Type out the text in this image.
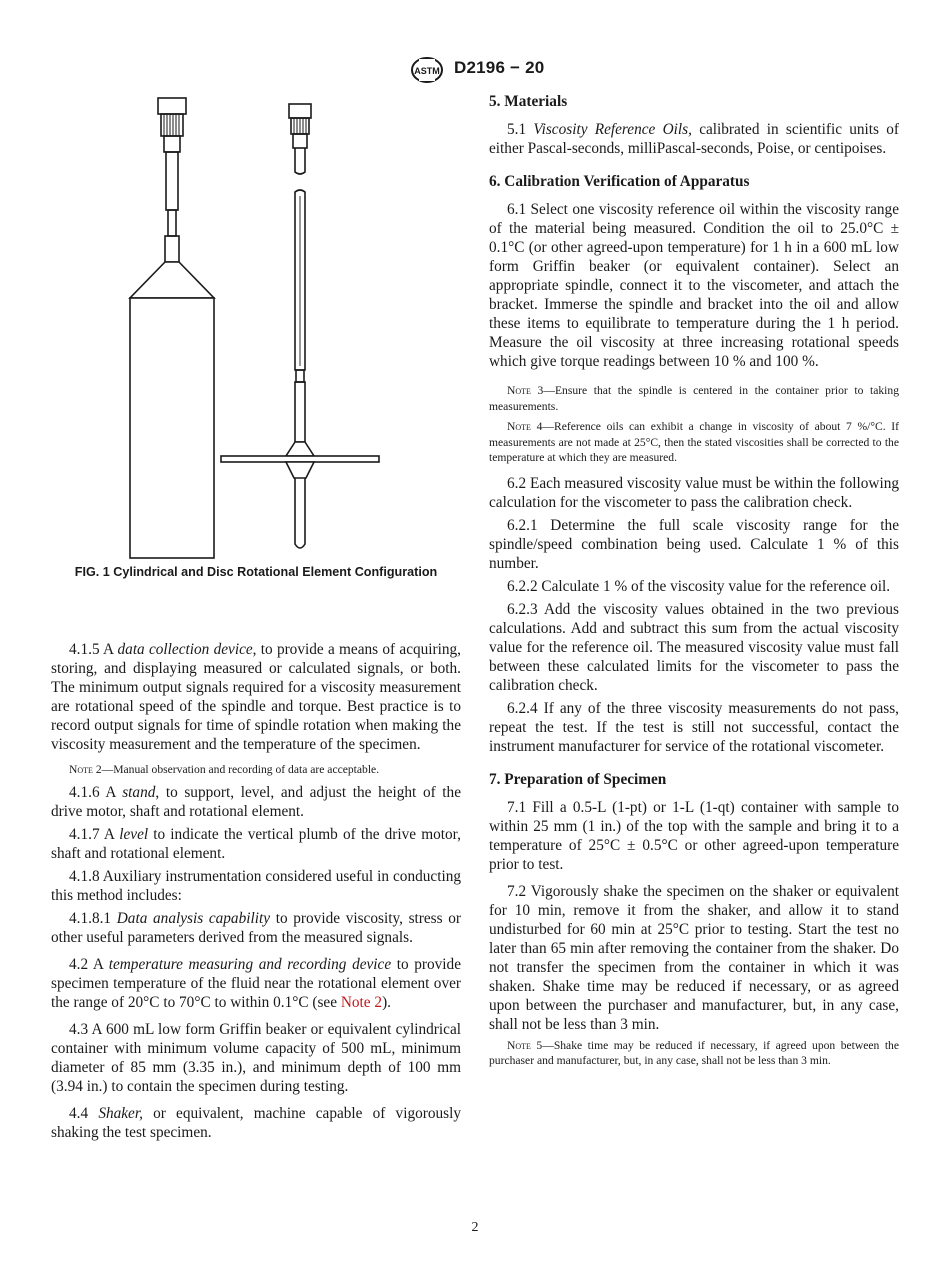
ASTM D2196 − 20
FIG. 1 Cylindrical and Disc Rotational Element Configuration

4.1.5 A data collection device, to provide a means of acquiring, storing, and displaying measured or calculated signals, or both. The minimum output signals required for a viscosity measurement are rotational speed of the spindle and torque. Best practice is to record output signals for time of spindle rotation when making the viscosity measurement and the temperature of the specimen.

Note 2—Manual observation and recording of data are acceptable.

4.1.6 A stand, to support, level, and adjust the height of the drive motor, shaft and rotational element.

4.1.7 A level to indicate the vertical plumb of the drive motor, shaft and rotational element.

4.1.8 Auxiliary instrumentation considered useful in conducting this method includes:

4.1.8.1 Data analysis capability to provide viscosity, stress or other useful parameters derived from the measured signals.

4.2 A temperature measuring and recording device to provide specimen temperature of the fluid near the rotational element over the range of 20°C to 70°C to within 0.1°C (see Note 2).

4.3 A 600 mL low form Griffin beaker or equivalent cylindrical container with minimum volume capacity of 500 mL, minimum diameter of 85 mm (3.35 in.), and minimum depth of 100 mm (3.94 in.) to contain the specimen during testing.

4.4 Shaker, or equivalent, machine capable of vigorously shaking the test specimen.

5. Materials

5.1 Viscosity Reference Oils, calibrated in scientific units of either Pascal-seconds, milliPascal-seconds, Poise, or centipoises.

6. Calibration Verification of Apparatus

6.1 Select one viscosity reference oil within the viscosity range of the material being measured. Condition the oil to 25.0°C ± 0.1°C (or other agreed-upon temperature) for 1 h in a 600 mL low form Griffin beaker (or equivalent container). Select an appropriate spindle, connect it to the viscometer, and attach the bracket. Immerse the spindle and bracket into the oil and allow these items to equilibrate to temperature during the 1 h period. Measure the oil viscosity at three increasing rotational speeds which give torque readings between 10 % and 100 %.

Note 3—Ensure that the spindle is centered in the container prior to taking measurements.

Note 4—Reference oils can exhibit a change in viscosity of about 7 %/°C. If measurements are not made at 25°C, then the stated viscosities shall be corrected to the temperature at which they are measured.

6.2 Each measured viscosity value must be within the following calculation for the viscometer to pass the calibration check.

6.2.1 Determine the full scale viscosity range for the spindle/speed combination being used. Calculate 1 % of this number.

6.2.2 Calculate 1 % of the viscosity value for the reference oil.

6.2.3 Add the viscosity values obtained in the two previous calculations. Add and subtract this sum from the actual viscosity value for the reference oil. The measured viscosity value must fall between these calculated limits for the viscometer to pass the calibration check.

6.2.4 If any of the three viscosity measurements do not pass, repeat the test. If the test is still not successful, contact the instrument manufacturer for service of the rotational viscometer.

7. Preparation of Specimen

7.1 Fill a 0.5-L (1-pt) or 1-L (1-qt) container with sample to within 25 mm (1 in.) of the top with the sample and bring it to a temperature of 25°C ± 0.5°C or other agreed-upon temperature prior to test.

7.2 Vigorously shake the specimen on the shaker or equivalent for 10 min, remove it from the shaker, and allow it to stand undisturbed for 60 min at 25°C prior to testing. Start the test no later than 65 min after removing the container from the shaker. Do not transfer the specimen from the container in which it was shaken. Shake time may be reduced if necessary, or as agreed upon between the purchaser and manufacturer, but, in any case, shall not be less than 3 min.

Note 5—Shake time may be reduced if necessary, if agreed upon between the purchaser and manufacturer, but, in any case, shall not be less than 3 min.

2
